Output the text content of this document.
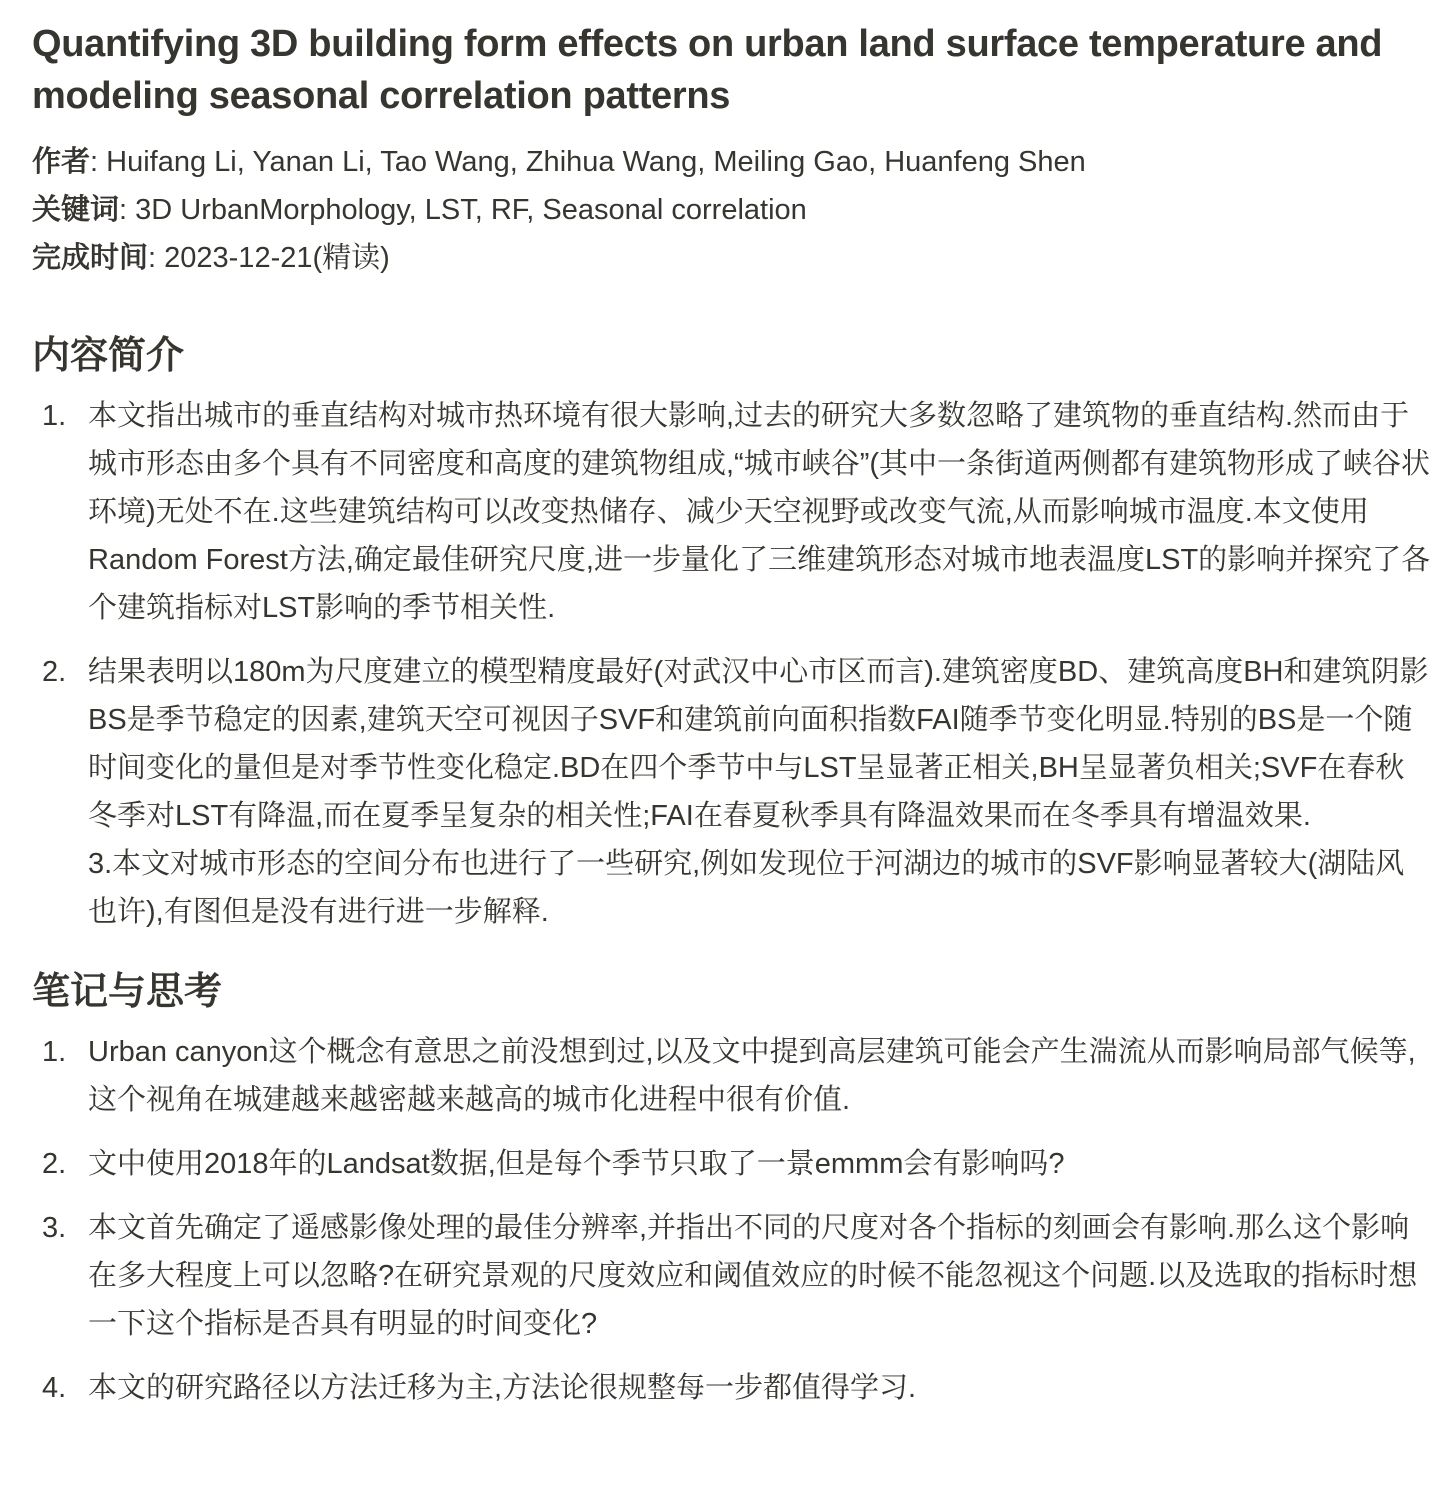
Quantifying 3D building form effects on urban land surface temperature and modeling seasonal correlation patterns
作者: Huifang Li, Yanan Li, Tao Wang, Zhihua Wang, Meiling Gao, Huanfeng Shen
关键词: 3D UrbanMorphology, LST, RF, Seasonal correlation
完成时间: 2023-12-21(精读)
内容简介
1. 本文指出城市的垂直结构对城市热环境有很大影响,过去的研究大多数忽略了建筑物的垂直结构.然而由于城市形态由多个具有不同密度和高度的建筑物组成,“城市峡谷”(其中一条街道两侧都有建筑物形成了峡谷状环境)无处不在.这些建筑结构可以改变热储存、减少天空视野或改变气流,从而影响城市温度.本文使用Random Forest方法,确定最佳研究尺度,进一步量化了三维建筑形态对城市地表温度LST的影响并探究了各个建筑指标对LST影响的季节相关性.
2. 结果表明以180m为尺度建立的模型精度最好(对武汉中心市区而言).建筑密度BD、建筑高度BH和建筑阴影BS是季节稳定的因素,建筑天空可视因子SVF和建筑前向面积指数FAI随季节变化明显.特别的BS是一个随时间变化的量但是对季节性变化稳定.BD在四个季节中与LST呈显著正相关,BH呈显著负相关;SVF在春秋冬季对LST有降温,而在夏季呈复杂的相关性;FAI在春夏秋季具有降温效果而在冬季具有增温效果.
3.本文对城市形态的空间分布也进行了一些研究,例如发现位于河湖边的城市的SVF影响显著较大(湖陆风也许),有图但是没有进行进一步解释.
笔记与思考
1. Urban canyon这个概念有意思之前没想到过,以及文中提到高层建筑可能会产生湍流从而影响局部气候等,这个视角在城建越来越密越来越高的城市化进程中很有价值.
2. 文中使用2018年的Landsat数据,但是每个季节只取了一景emmm会有影响吗?
3. 本文首先确定了遥感影像处理的最佳分辨率,并指出不同的尺度对各个指标的刻画会有影响.那么这个影响在多大程度上可以忽略?在研究景观的尺度效应和阈值效应的时候不能忽视这个问题.以及选取的指标时想一下这个指标是否具有明显的时间变化?
4. 本文的研究路径以方法迁移为主,方法论很规整每一步都值得学习.
